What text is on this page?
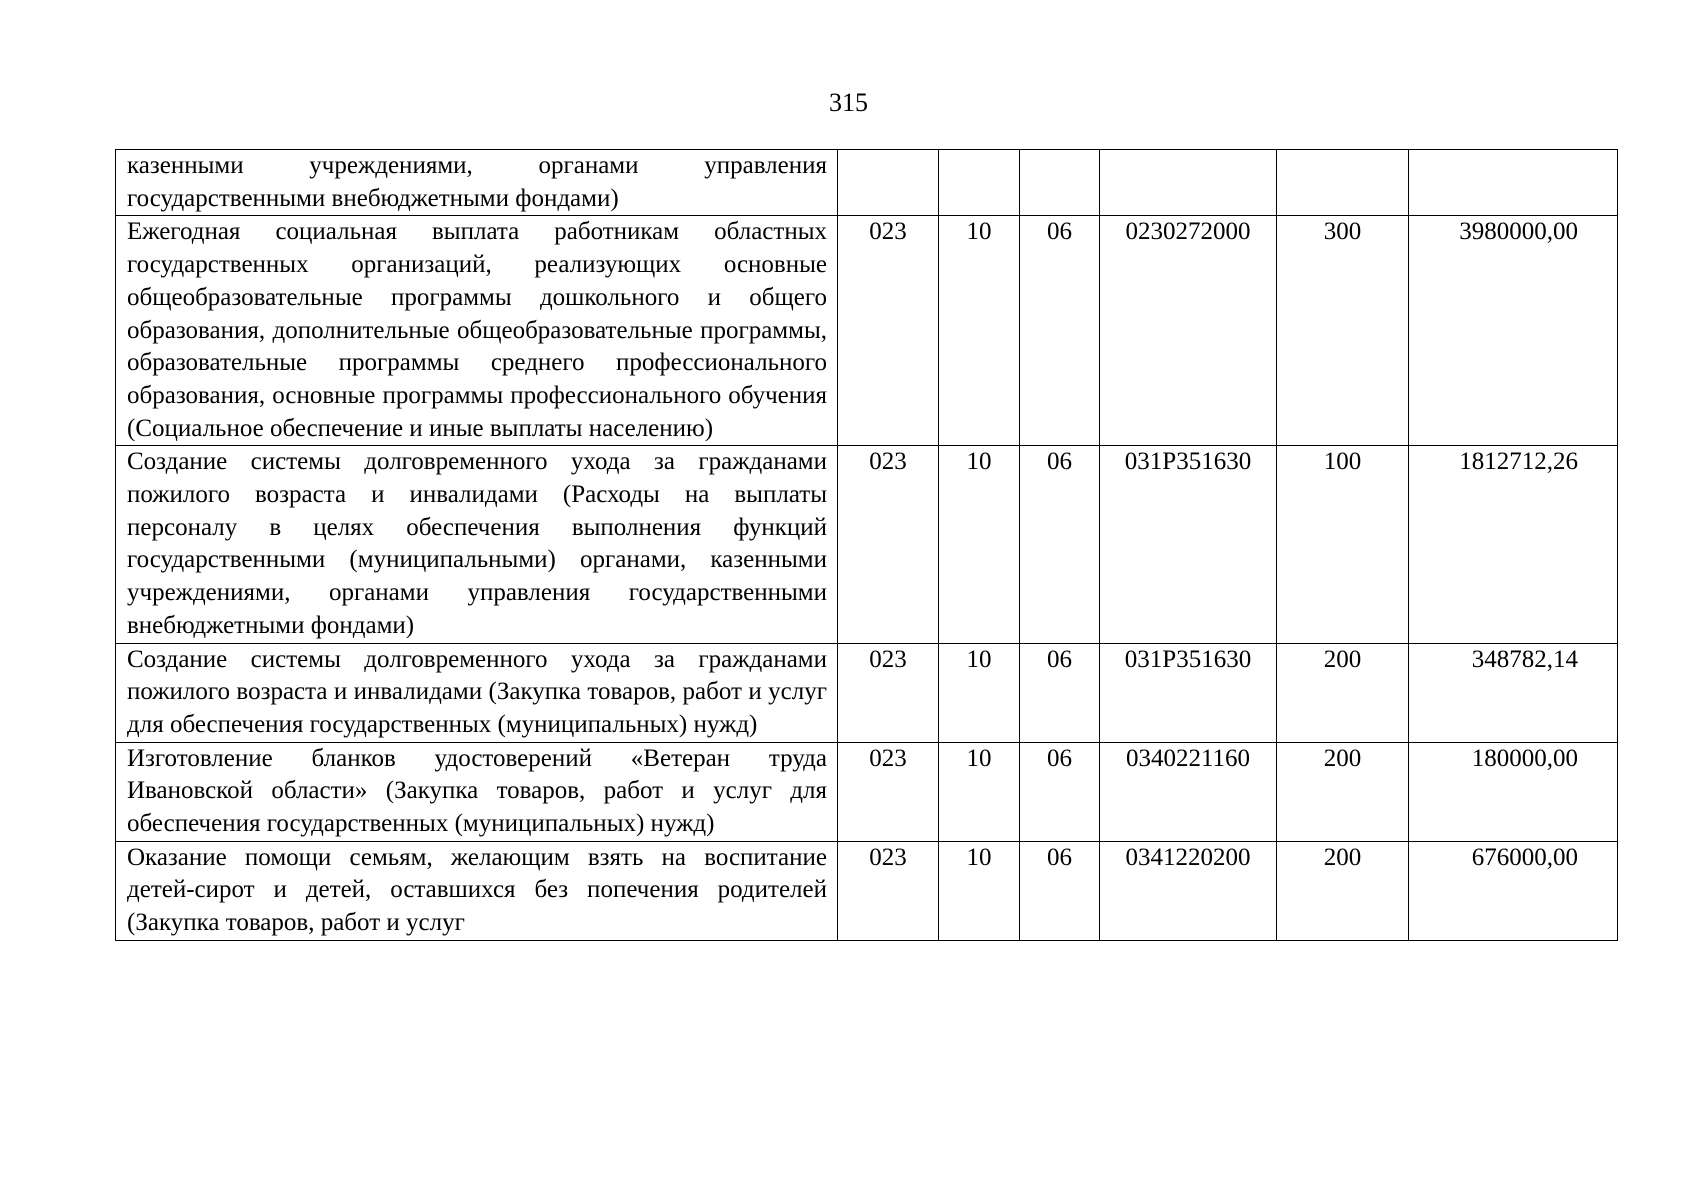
315
казенными учреждениями, органами управления государственными внебюджетными фондами)						
Ежегодная социальная выплата работникам областных государственных организаций, реализующих основные общеобразовательные программы дошкольного и общего образования, дополнительные общеобразовательные программы, образовательные программы среднего профессионального образования, основные программы профессионального обучения (Социальное обеспечение и иные выплаты населению)	023	10	06	0230272000	300	3980000,00
Создание системы долговременного ухода за гражданами пожилого возраста и инвалидами (Расходы на выплаты персоналу в целях обеспечения выполнения функций государственными (муниципальными) органами, казенными учреждениями, органами управления государственными внебюджетными фондами)	023	10	06	031P351630	100	1812712,26
Создание системы долговременного ухода за гражданами пожилого возраста и инвалидами (Закупка товаров, работ и услуг для обеспечения государственных (муниципальных) нужд)	023	10	06	031P351630	200	348782,14
Изготовление бланков удостоверений «Ветеран труда Ивановской области» (Закупка товаров, работ и услуг для обеспечения государственных (муниципальных) нужд)	023	10	06	0340221160	200	180000,00
Оказание помощи семьям, желающим взять на воспитание детей-сирот и детей, оставшихся без попечения родителей (Закупка товаров, работ и услуг	023	10	06	0341220200	200	676000,00
